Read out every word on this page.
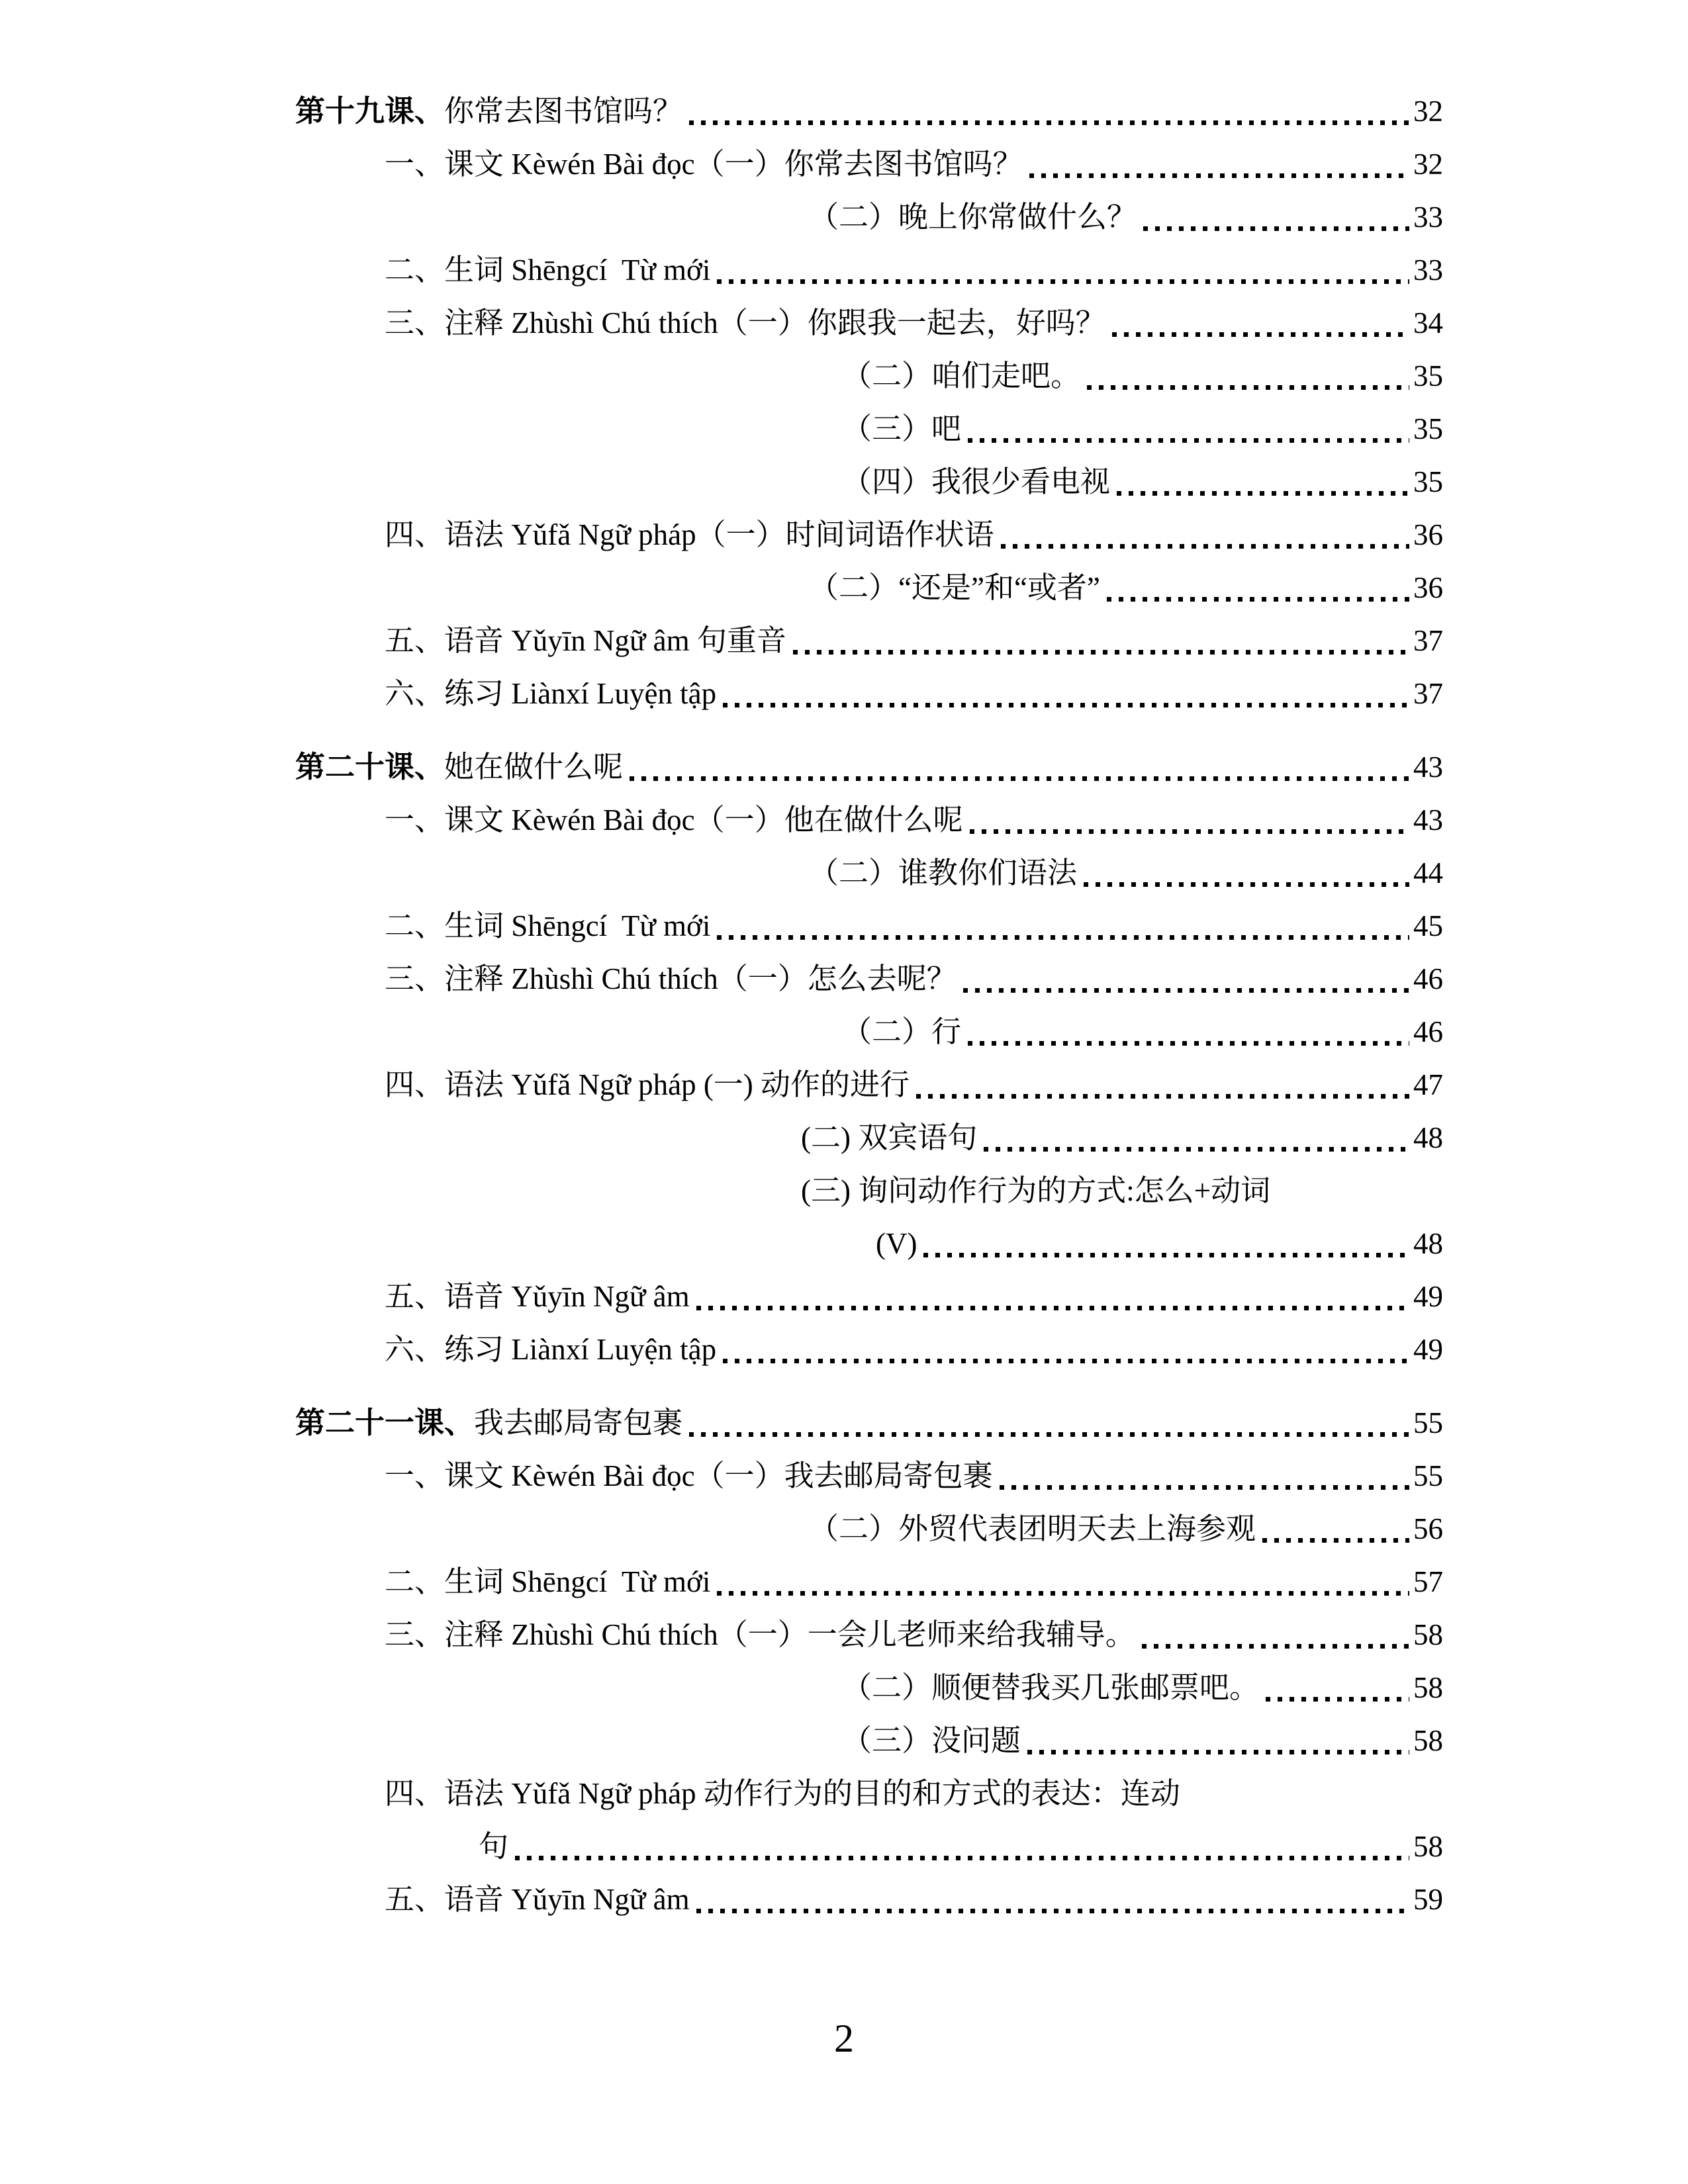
第十九课、 你常去图书馆吗？	32
一、课文 Kèwén Bài đọc（一）你常去图书馆吗？	32
（二）晚上你常做什么？	33
二、生词 Shēngcí  Từ mới	33
三、注释 Zhùshì Chú thích（一）你跟我一起去，好吗？	34
（二）咱们走吧。	35
（三）吧	35
（四）我很少看电视	35
四、语法 Yǔfǎ Ngữ pháp（一）时间词语作状语	36
（二）“还是”和“或者”	36
五、语音 Yǔyīn Ngữ âm 句重音	37
六、练习 Liànxí Luyện tập	37
第二十课、 她在做什么呢	43
一、课文 Kèwén Bài đọc（一）他在做什么呢	43
（二）谁教你们语法	44
二、生词 Shēngcí  Từ mới	45
三、注释 Zhùshì Chú thích（一）怎么去呢？	46
（二）行	46
四、语法 Yǔfǎ Ngữ pháp (一) 动作的进行	47
(二) 双宾语句	48
(三) 询问动作行为的方式:怎么+动词
(V)	48
五、语音 Yǔyīn Ngữ âm	49
六、练习 Liànxí Luyện tập	49
第二十一课、 我去邮局寄包裹	55
一、课文 Kèwén Bài đọc（一）我去邮局寄包裹	55
（二）外贸代表团明天去上海参观	56
二、生词 Shēngcí  Từ mới	57
三、注释 Zhùshì Chú thích（一）一会儿老师来给我辅导。	58
（二）顺便替我买几张邮票吧。	58
（三）没问题	58
四、语法 Yǔfǎ Ngữ pháp 动作行为的目的和方式的表达：连动
句	58
五、语音 Yǔyīn Ngữ âm	59
2
